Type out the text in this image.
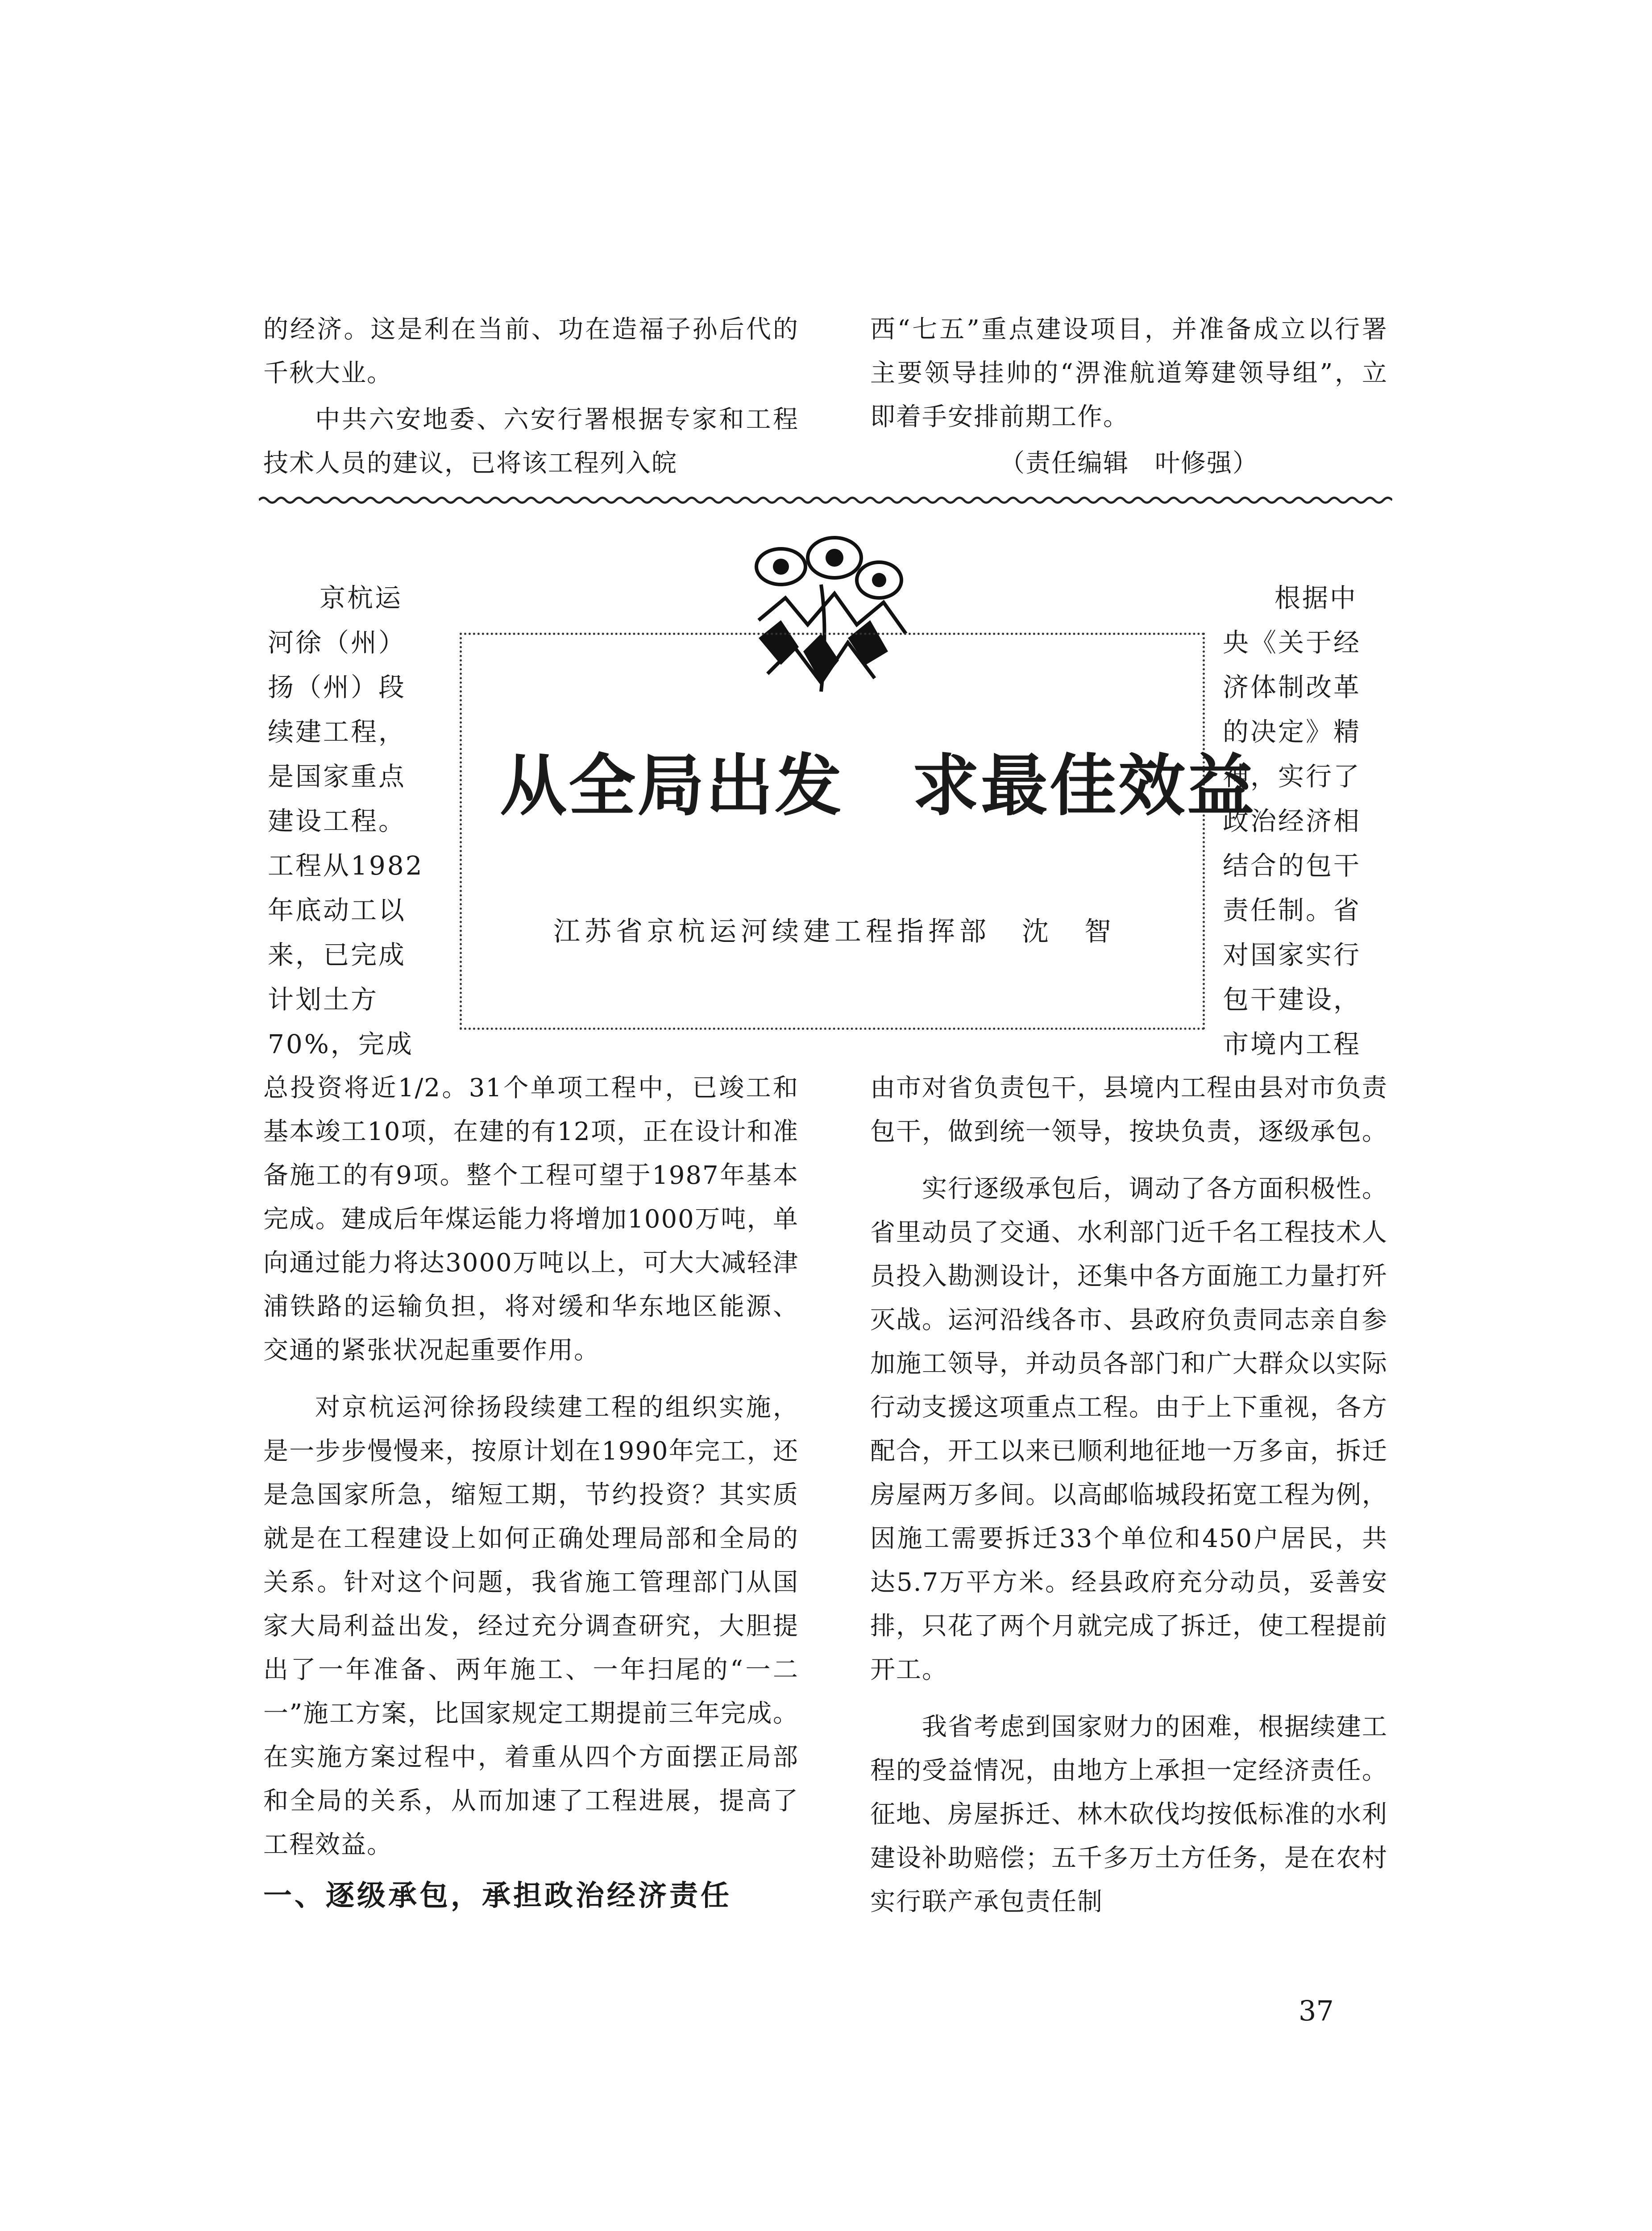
的经济。这是利在当前、功在造福子孙后代的千秋大业。

中共六安地委、六安行署根据专家和工程技术人员的建议，已将该工程列入皖

西“七五”重点建设项目，并准备成立以行署主要领导挂帅的“淠淮航道筹建领导组”，立即着手安排前期工作。

（责任编辑　叶修强）

从全局出发　求最佳效益
江苏省京杭运河续建工程指挥部　沈　智
京杭运
河徐（州）
扬（州）段
续建工程，
是国家重点
建设工程。
工程从1982
年底动工以
来，已完成
计划土方
70%，完成
根据中
央《关于经
济体制改革
的决定》精
神，实行了
政治经济相
结合的包干
责任制。省
对国家实行
包干建设，
市境内工程

总投资将近1/2。31个单项工程中，已竣工和基本竣工10项，在建的有12项，正在设计和准备施工的有9项。整个工程可望于1987年基本完成。建成后年煤运能力将增加1000万吨，单向通过能力将达3000万吨以上，可大大减轻津浦铁路的运输负担，将对缓和华东地区能源、交通的紧张状况起重要作用。

对京杭运河徐扬段续建工程的组织实施，是一步步慢慢来，按原计划在1990年完工，还是急国家所急，缩短工期，节约投资？其实质就是在工程建设上如何正确处理局部和全局的关系。针对这个问题，我省施工管理部门从国家大局利益出发，经过充分调查研究，大胆提出了一年准备、两年施工、一年扫尾的“一二一”施工方案，比国家规定工期提前三年完成。在实施方案过程中，着重从四个方面摆正局部和全局的关系，从而加速了工程进展，提高了工程效益。

一、逐级承包，承担政治经济责任

由市对省负责包干，县境内工程由县对市负责包干，做到统一领导，按块负责，逐级承包。

实行逐级承包后，调动了各方面积极性。省里动员了交通、水利部门近千名工程技术人员投入勘测设计，还集中各方面施工力量打歼灭战。运河沿线各市、县政府负责同志亲自参加施工领导，并动员各部门和广大群众以实际行动支援这项重点工程。由于上下重视，各方配合，开工以来已顺利地征地一万多亩，拆迁房屋两万多间。以高邮临城段拓宽工程为例，因施工需要拆迁33个单位和450户居民，共达5.7万平方米。经县政府充分动员，妥善安排，只花了两个月就完成了拆迁，使工程提前开工。

我省考虑到国家财力的困难，根据续建工程的受益情况，由地方上承担一定经济责任。征地、房屋拆迁、林木砍伐均按低标准的水利建设补助赔偿；五千多万土方任务，是在农村实行联产承包责任制

37
